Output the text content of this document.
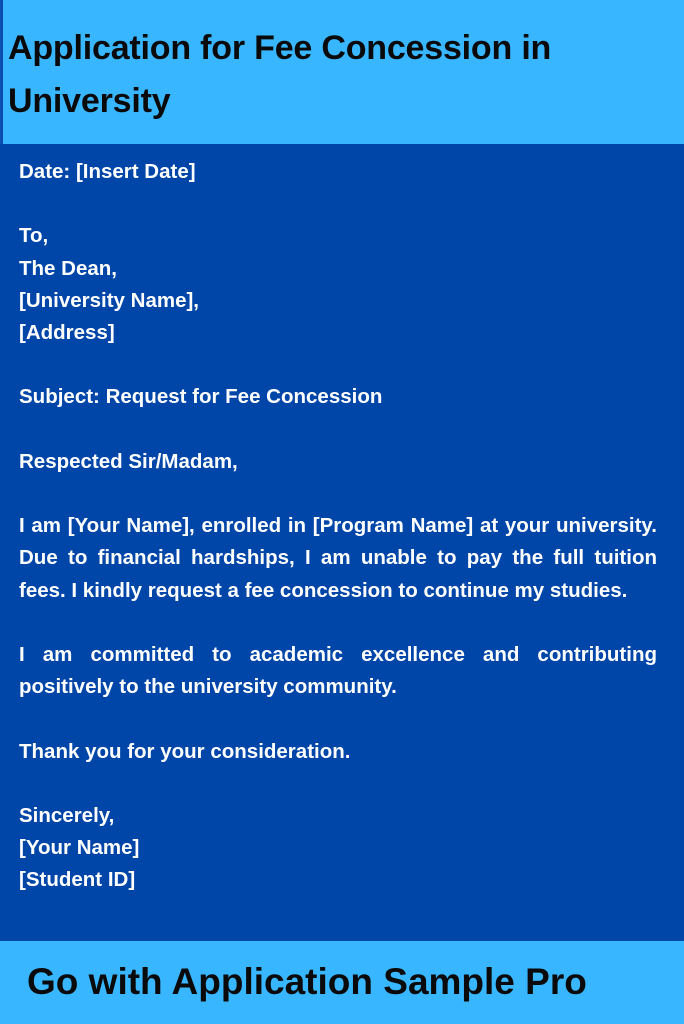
Application for Fee Concession in University

Date: [Insert Date]

To,
The Dean,
[University Name],
[Address]

Subject: Request for Fee Concession

Respected Sir/Madam,

I am [Your Name], enrolled in [Program Name] at your university. Due to financial hardships, I am unable to pay the full tuition fees. I kindly request a fee concession to continue my studies.

I am committed to academic excellence and contributing positively to the university community.

Thank you for your consideration.

Sincerely,
[Your Name]
[Student ID]

Go with Application Sample Pro
